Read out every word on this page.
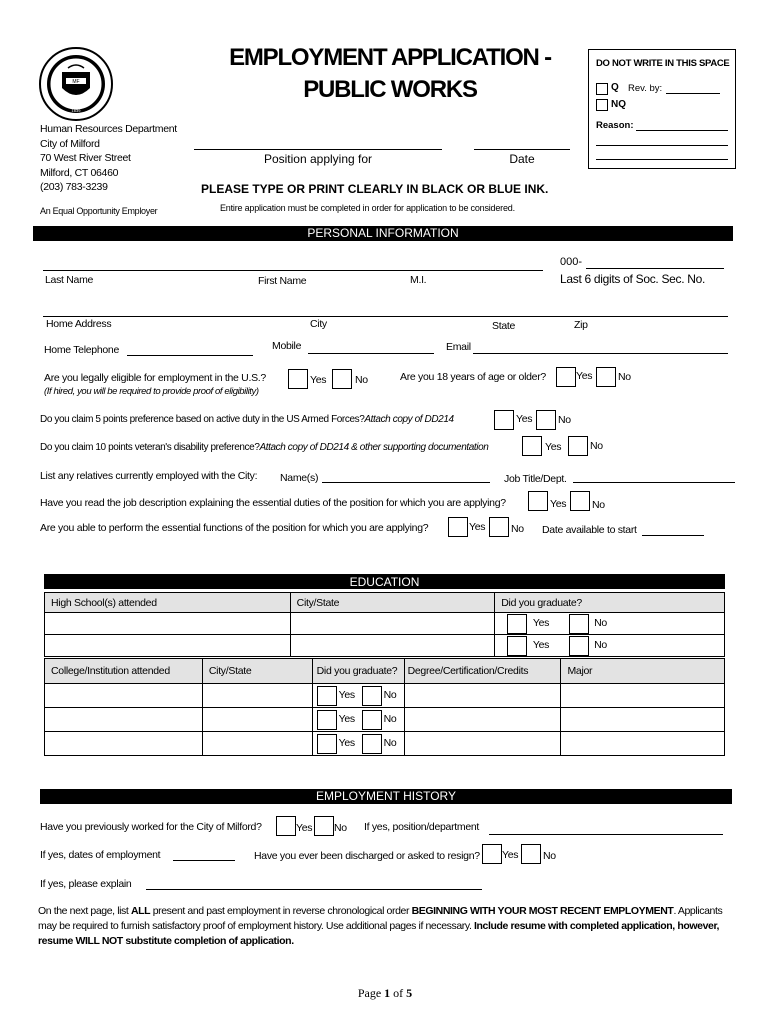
MF
1639
EMPLOYMENT APPLICATION -
PUBLIC WORKS
DO NOT WRITE IN THIS SPACE
Q Rev. by:
NQ
Reason:
Human Resources Department
City of Milford
70 West River Street
Milford, CT 06460
(203) 783-3239
An Equal Opportunity Employer
Position applying for	Date
PLEASE TYPE OR PRINT CLEARLY IN BLACK OR BLUE INK.
Entire application must be completed in order for application to be considered.
PERSONAL INFORMATION
000-
Last Name	First Name	M.I.	Last 6 digits of Soc. Sec. No.
Home Address	City	State	Zip
Home Telephone	Mobile	Email
Are you legally eligible for employment in the U.S.?
(If hired, you will be required to provide proof of eligibility)
Yes	No	Are you 18 years of age or older?	Yes No
Do you claim 5 points preference based on active duty in the US Armed Forces?Attach copy of DD214	Yes No
Do you claim 10 points veteran's disability preference?Attach copy of DD214 & other supporting documentation	Yes	No
List any relatives currently employed with the City: Name(s)	Job Title/Dept.
Have you read the job description explaining the essential duties of the position for which you are applying?	Yes No
Are you able to perform the essential functions of the position for which you are applying?	Yes No Date available to start
EDUCATION
High School(s) attended	City/State	Did you graduate?
		Yes No
		Yes No
College/Institution attended	City/State	Did you graduate?	Degree/Certification/Credits	Major
		Yes No		
		Yes No		
		Yes No		
EMPLOYMENT HISTORY
Have you previously worked for the City of Milford?	Yes No If yes, position/department
If yes, dates of employment	Have you ever been discharged or asked to resign? Yes No
If yes, please explain
On the next page, list ALL present and past employment in reverse chronological order BEGINNING WITH YOUR MOST RECENT EMPLOYMENT. Applicants may be required to furnish satisfactory proof of employment history. Use additional pages if necessary. Include resume with completed application, however, resume WILL NOT substitute completion of application.
Page 1 of 5
